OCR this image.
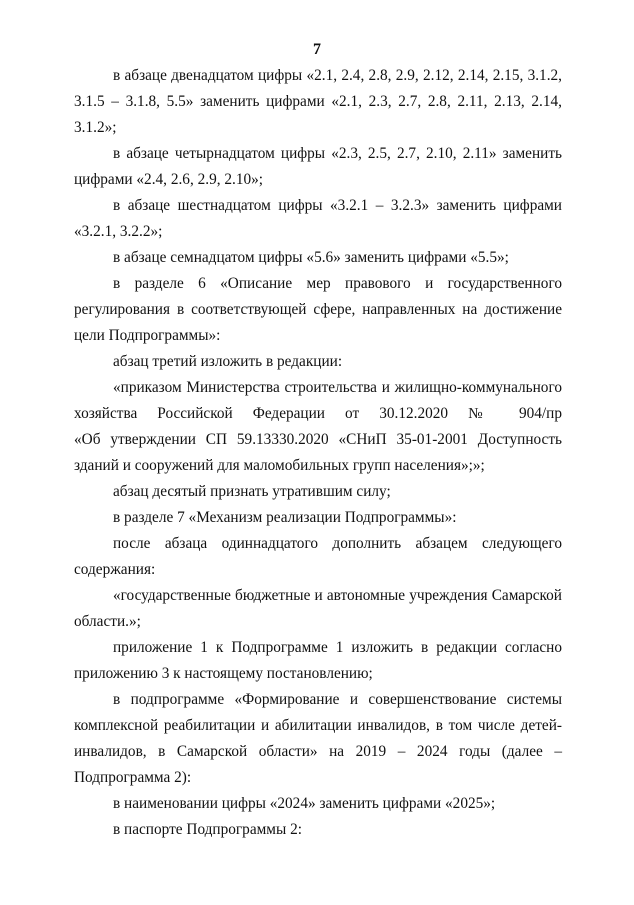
7
в абзаце двенадцатом цифры «2.1, 2.4, 2.8, 2.9, 2.12, 2.14, 2.15, 3.1.2,
3.1.5 – 3.1.8, 5.5» заменить цифрами «2.1, 2.3, 2.7, 2.8, 2.11, 2.13, 2.14,
3.1.2»;
в абзаце четырнадцатом цифры «2.3, 2.5, 2.7, 2.10, 2.11» заменить
цифрами «2.4, 2.6, 2.9, 2.10»;
в абзаце шестнадцатом цифры «3.2.1 – 3.2.3» заменить цифрами
«3.2.1, 3.2.2»;
в абзаце семнадцатом цифры «5.6» заменить цифрами «5.5»;
в разделе 6 «Описание мер правового и государственного
регулирования в соответствующей сфере, направленных на достижение
цели Подпрограммы»:
абзац третий изложить в редакции:
«приказом Министерства строительства и жилищно-коммунального
хозяйства Российской Федерации от 30.12.2020 № 904/пр
«Об утверждении СП 59.13330.2020 «СНиП 35-01-2001 Доступность
зданий и сооружений для маломобильных групп населения»;»;
абзац десятый признать утратившим силу;
в разделе 7 «Механизм реализации Подпрограммы»:
после абзаца одиннадцатого дополнить абзацем следующего
содержания:
«государственные бюджетные и автономные учреждения Самарской
области.»;
приложение 1 к Подпрограмме 1 изложить в редакции согласно
приложению 3 к настоящему постановлению;
в подпрограмме «Формирование и совершенствование системы
комплексной реабилитации и абилитации инвалидов, в том числе детей-
инвалидов, в Самарской области» на 2019 – 2024 годы (далее –
Подпрограмма 2):
в наименовании цифры «2024» заменить цифрами «2025»;
в паспорте Подпрограммы 2:
